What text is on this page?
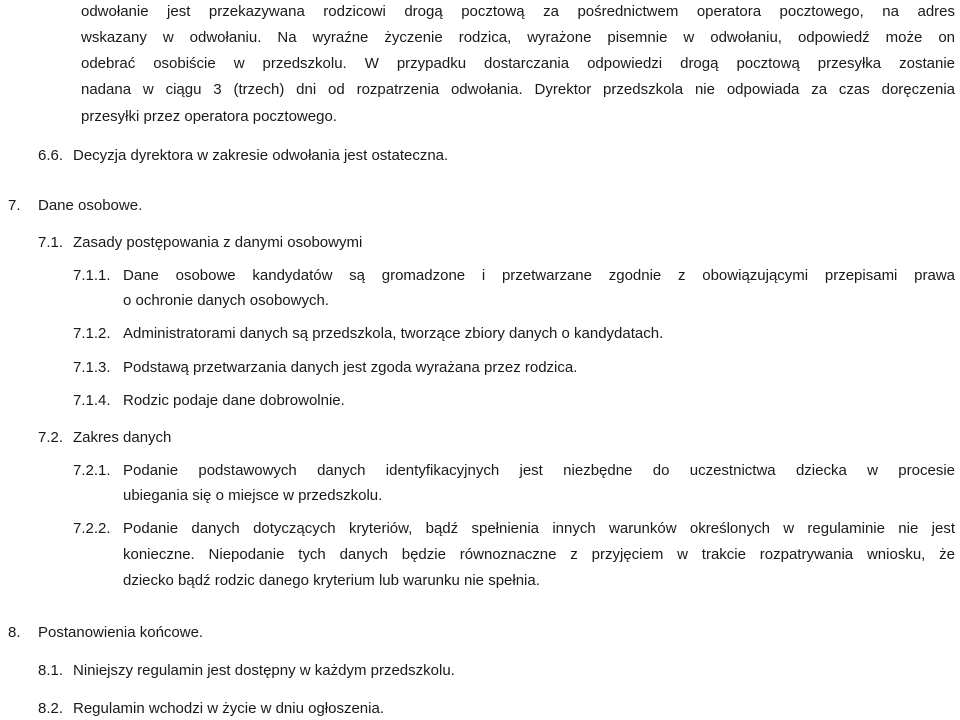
odwołanie jest przekazywana rodzicowi drogą pocztową za pośrednictwem operatora pocztowego, na adres
wskazany w odwołaniu. Na wyraźne życzenie rodzica, wyrażone pisemnie w odwołaniu, odpowiedź może on
odebrać osobiście w przedszkolu. W przypadku dostarczania odpowiedzi drogą pocztową przesyłka zostanie
nadana w ciągu 3 (trzech) dni od rozpatrzenia odwołania. Dyrektor przedszkola nie odpowiada za czas doręczenia
przesyłki przez operatora pocztowego.
6.6. Decyzja dyrektora w zakresie odwołania jest ostateczna.
7. Dane osobowe.
7.1. Zasady postępowania z danymi osobowymi
7.1.1. Dane osobowe kandydatów są gromadzone i przetwarzane zgodnie z obowiązującymi przepisami prawa
o ochronie danych osobowych.
7.1.2. Administratorami danych są przedszkola, tworzące zbiory danych o kandydatach.
7.1.3. Podstawą przetwarzania danych jest zgoda wyrażana przez rodzica.
7.1.4. Rodzic podaje dane dobrowolnie.
7.2. Zakres danych
7.2.1. Podanie podstawowych danych identyfikacyjnych jest niezbędne do uczestnictwa dziecka w procesie
ubiegania się o miejsce w przedszkolu.
7.2.2. Podanie danych dotyczących kryteriów, bądź spełnienia innych warunków określonych w regulaminie nie jest
konieczne. Niepodanie tych danych będzie równoznaczne z przyjęciem w trakcie rozpatrywania wniosku, że
dziecko bądź rodzic danego kryterium lub warunku nie spełnia.
8. Postanowienia końcowe.
8.1. Niniejszy regulamin jest dostępny w każdym przedszkolu.
8.2. Regulamin wchodzi w życie w dniu ogłoszenia.
